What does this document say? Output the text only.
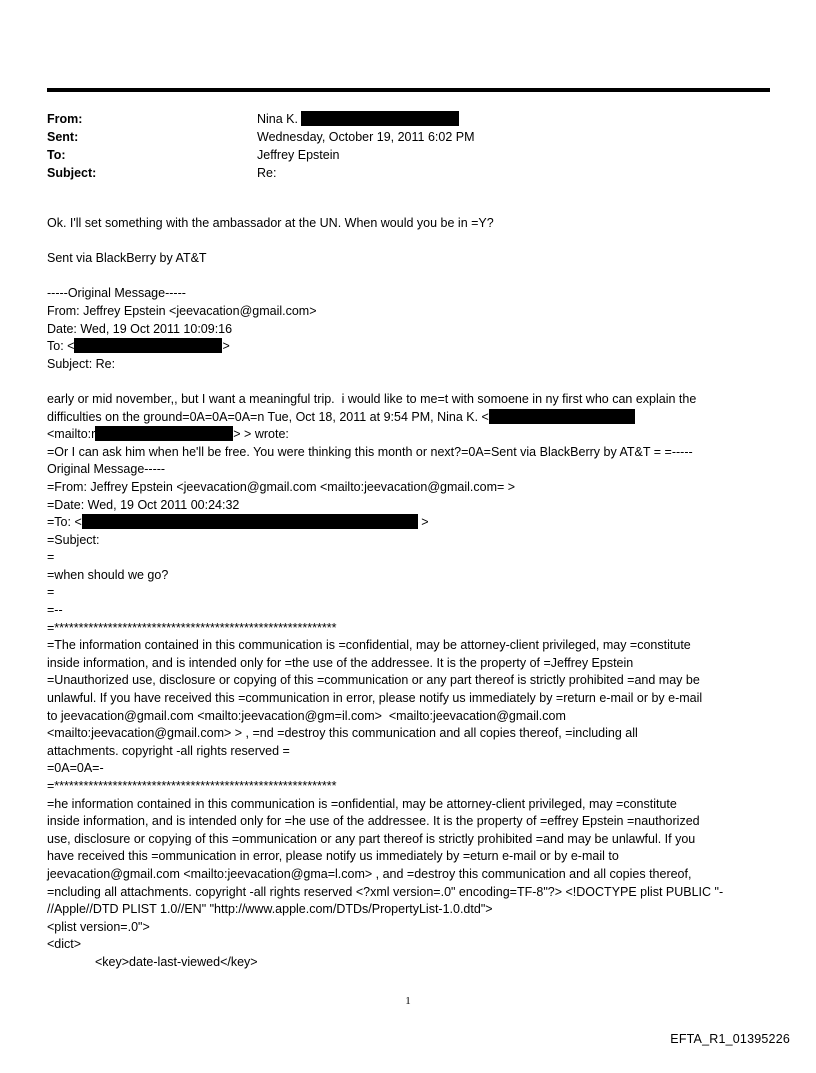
From:	Nina K.
Sent:	Wednesday, October 19, 2011 6:02 PM
To:	Jeffrey Epstein
Subject:	Re:

Ok. I'll set something with the ambassador at the UN. When would you be in =Y?

Sent via BlackBerry by AT&T

-----Original Message-----

From: Jeffrey Epstein <jeevacation@gmail.com>

Date: Wed, 19 Oct 2011 10:09:16

To: <	>

Subject: Re:

early or mid november,, but I want a meaningful trip.  i would like to me=t with somoene in ny first who can explain the

difficulties on the ground=0A=0A=0A=n Tue, Oct 18, 2011 at 9:54 PM, Nina K. <

<mailto:r	> > wrote:

=Or I can ask him when he'll be free. You were thinking this month or next?=0A=Sent via BlackBerry by AT&T = =-----

Original Message-----

=From: Jeffrey Epstein <jeevacation@gmail.com <mailto:jeevacation@gmail.com= >

=Date: Wed, 19 Oct 2011 00:24:32

=To: <	>

=Subject:

=

=when should we go?

=

=--

=**********************************************************

=The information contained in this communication is =confidential, may be attorney-client privileged, may =constitute

inside information, and is intended only for =the use of the addressee. It is the property of =Jeffrey Epstein

=Unauthorized use, disclosure or copying of this =communication or any part thereof is strictly prohibited =and may be

unlawful. If you have received this =communication in error, please notify us immediately by =return e-mail or by e-mail

to jeevacation@gmail.com <mailto:jeevacation@gm=il.com>  <mailto:jeevacation@gmail.com

<mailto:jeevacation@gmail.com> > , =nd =destroy this communication and all copies thereof, =including all

attachments. copyright -all rights reserved =

=0A=0A=-

=**********************************************************

=he information contained in this communication is =onfidential, may be attorney-client privileged, may =constitute

inside information, and is intended only for =he use of the addressee. It is the property of =effrey Epstein =nauthorized

use, disclosure or copying of this =ommunication or any part thereof is strictly prohibited =and may be unlawful. If you

have received this =ommunication in error, please notify us immediately by =eturn e-mail or by e-mail to

jeevacation@gmail.com <mailto:jeevacation@gma=l.com> , and =destroy this communication and all copies thereof,

=ncluding all attachments. copyright -all rights reserved <?xml version=.0" encoding=TF-8"?> <!DOCTYPE plist PUBLIC "-

//Apple//DTD PLIST 1.0//EN" "http://www.apple.com/DTDs/PropertyList-1.0.dtd">

<plist version=.0">

<dict>

<key>date-last-viewed</key>

1
EFTA_R1_01395226
